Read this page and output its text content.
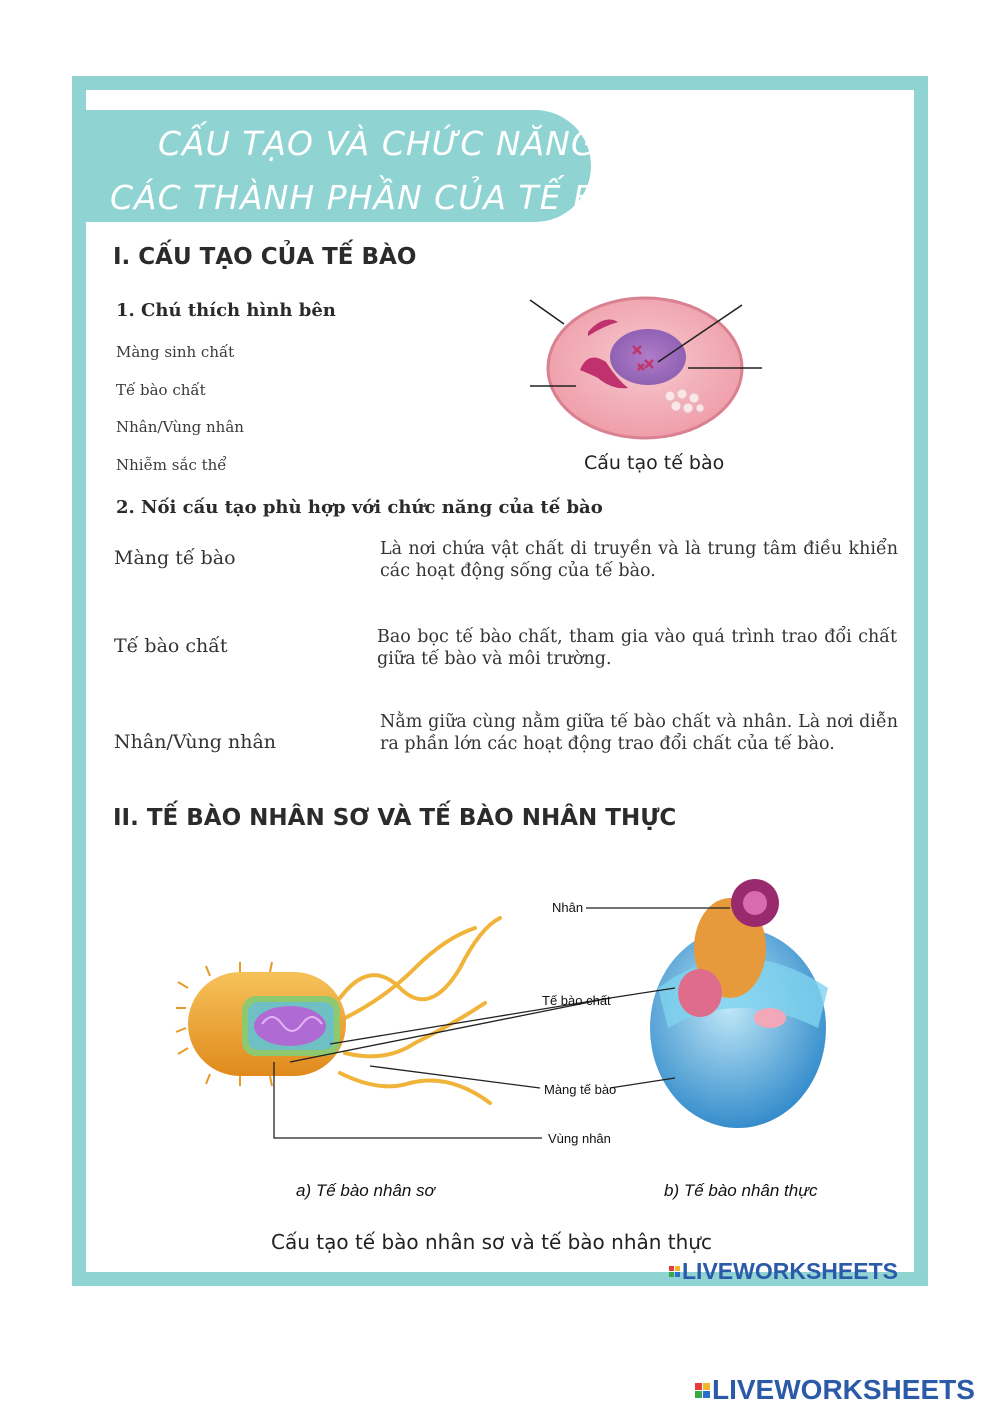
CẤU TẠO VÀ CHỨC NĂNG
CÁC THÀNH PHẦN CỦA TẾ BÀO
I. CẤU TẠO CỦA TẾ BÀO
1. Chú thích hình bên
Màng sinh chất
Tế bào chất
Nhân/Vùng nhân
Nhiễm sắc thể	Cấu tạo tế bào
2. Nối cấu tạo phù hợp với chức năng của tế bào
Màng tế bào
Tế bào chất
Nhân/Vùng nhân
Là nơi chứa vật chất di truyền và là trung tâm điều khiển các hoạt động sống của tế bào.
Bao bọc tế bào chất, tham gia vào quá trình trao đổi chất giữa tế bào và môi trường.
Nằm giữa cùng nằm giữa tế bào chất và nhân. Là nơi diễn ra phần lớn các hoạt động trao đổi chất của tế bào.
II. TẾ BÀO NHÂN SƠ VÀ TẾ BÀO NHÂN THỰC
Nhân
Tế bào chất
Màng tế bào
Vùng nhân
a) Tế bào nhân sơ	b) Tế bào nhân thực
Cấu tạo tế bào nhân sơ và tế bào nhân thực
LIVEWORKSHEETS
LIVEWORKSHEETS
